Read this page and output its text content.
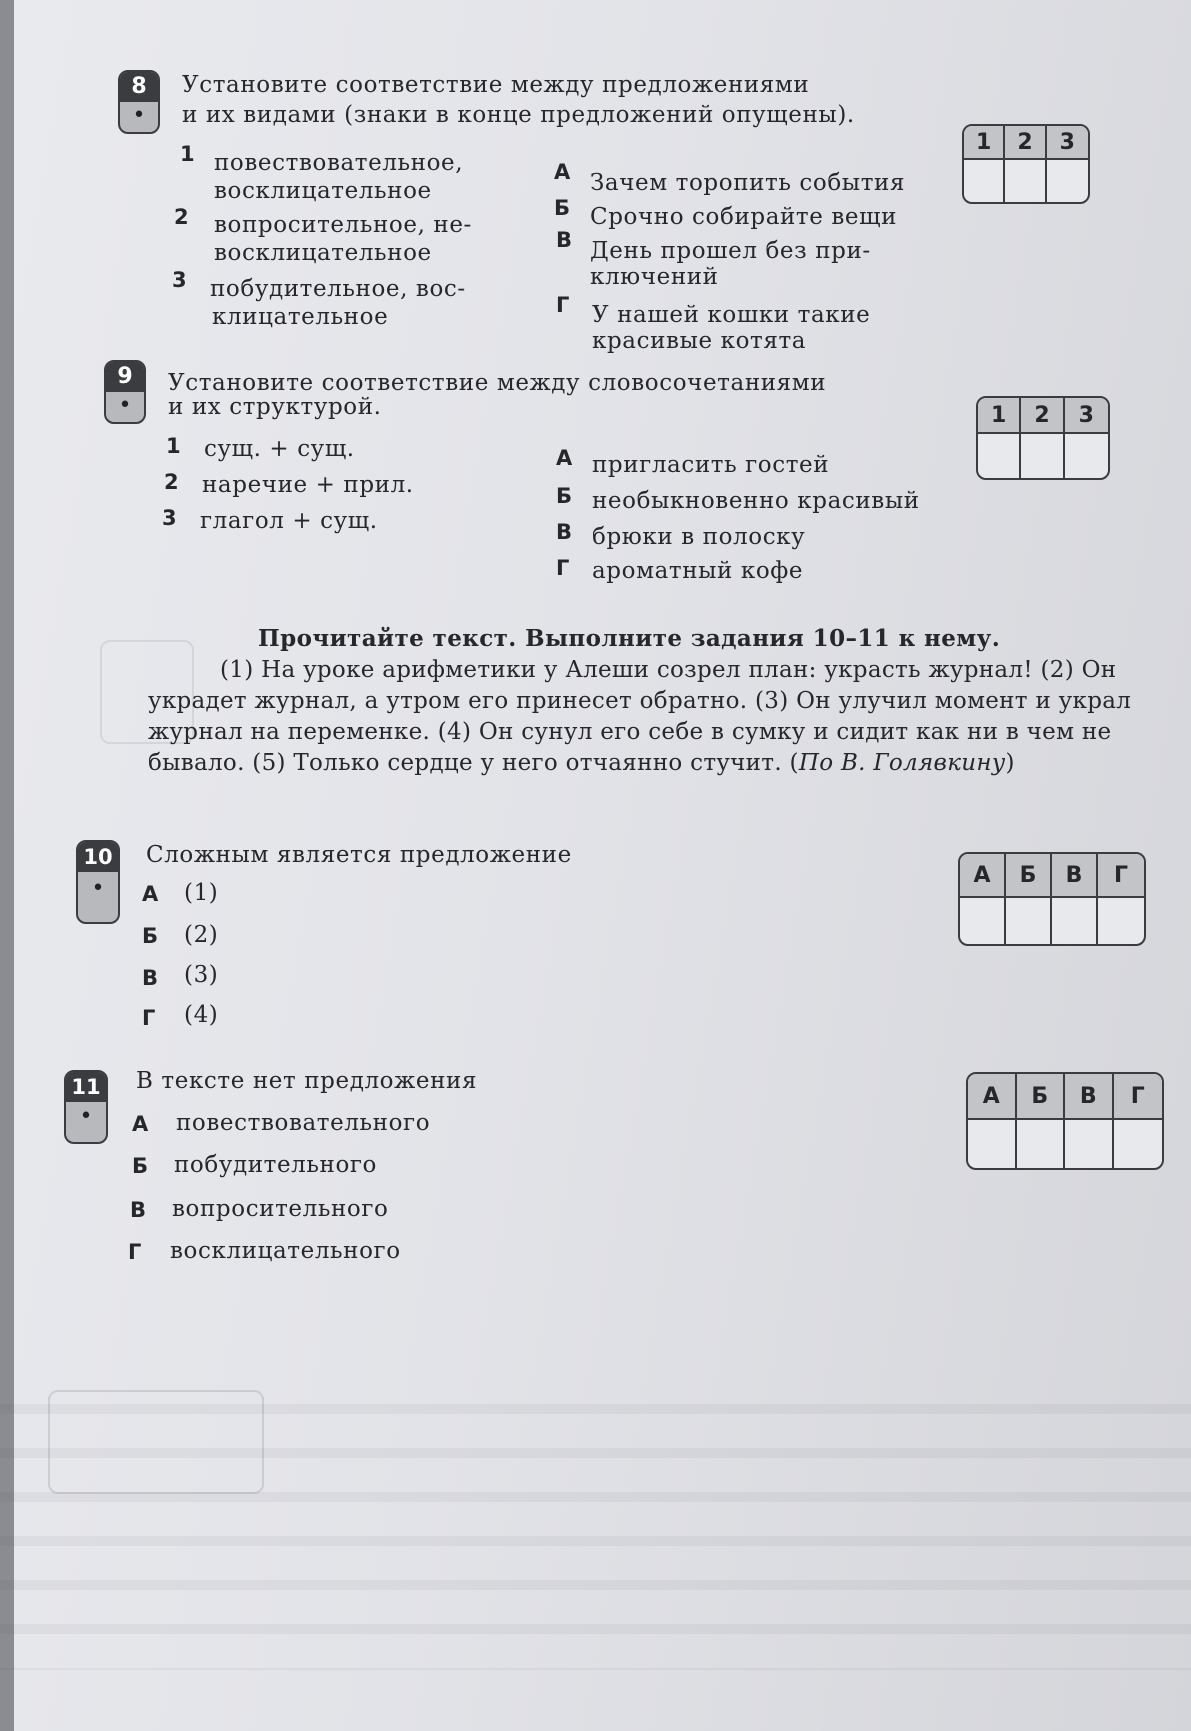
8
•
Установите соответствие между предложениями
и их видами (знаки в конце предложений опущены).
1 повествовательное,
восклицательное
2 вопросительное, не-
восклицательное
3 побудительное, вос-
клицательное
А Зачем торопить события
Б Срочно собирайте вещи
В День прошел без при-
ключений
Г У нашей кошки такие
красивые котята
1	2	3
9
•
Установите соответствие между словосочетаниями
и их структурой.
1 сущ. + сущ.
2 наречие + прил.
3 глагол + сущ.
А пригласить гостей
Б необыкновенно красивый
В брюки в полоску
Г ароматный кофе
1	2	3
Прочитайте текст. Выполните задания 10–11 к нему.
(1) На уроке арифметики у Алеши созрел план: украсть журнал! (2) Он украдет журнал, а утром его принесет обратно. (3) Он улучил момент и украл журнал на переменке. (4) Он сунул его себе в сумку и сидит как ни в чем не бывало. (5) Только сердце у него отчаянно стучит. (По В. Голявкину)
10
•
Сложным является предложение
А (1)
Б (2)
В (3)
Г (4)
А	Б	В	Г
11
•
В тексте нет предложения
А повествовательного
Б побудительного
В вопросительного
Г восклицательного
А	Б	В	Г
